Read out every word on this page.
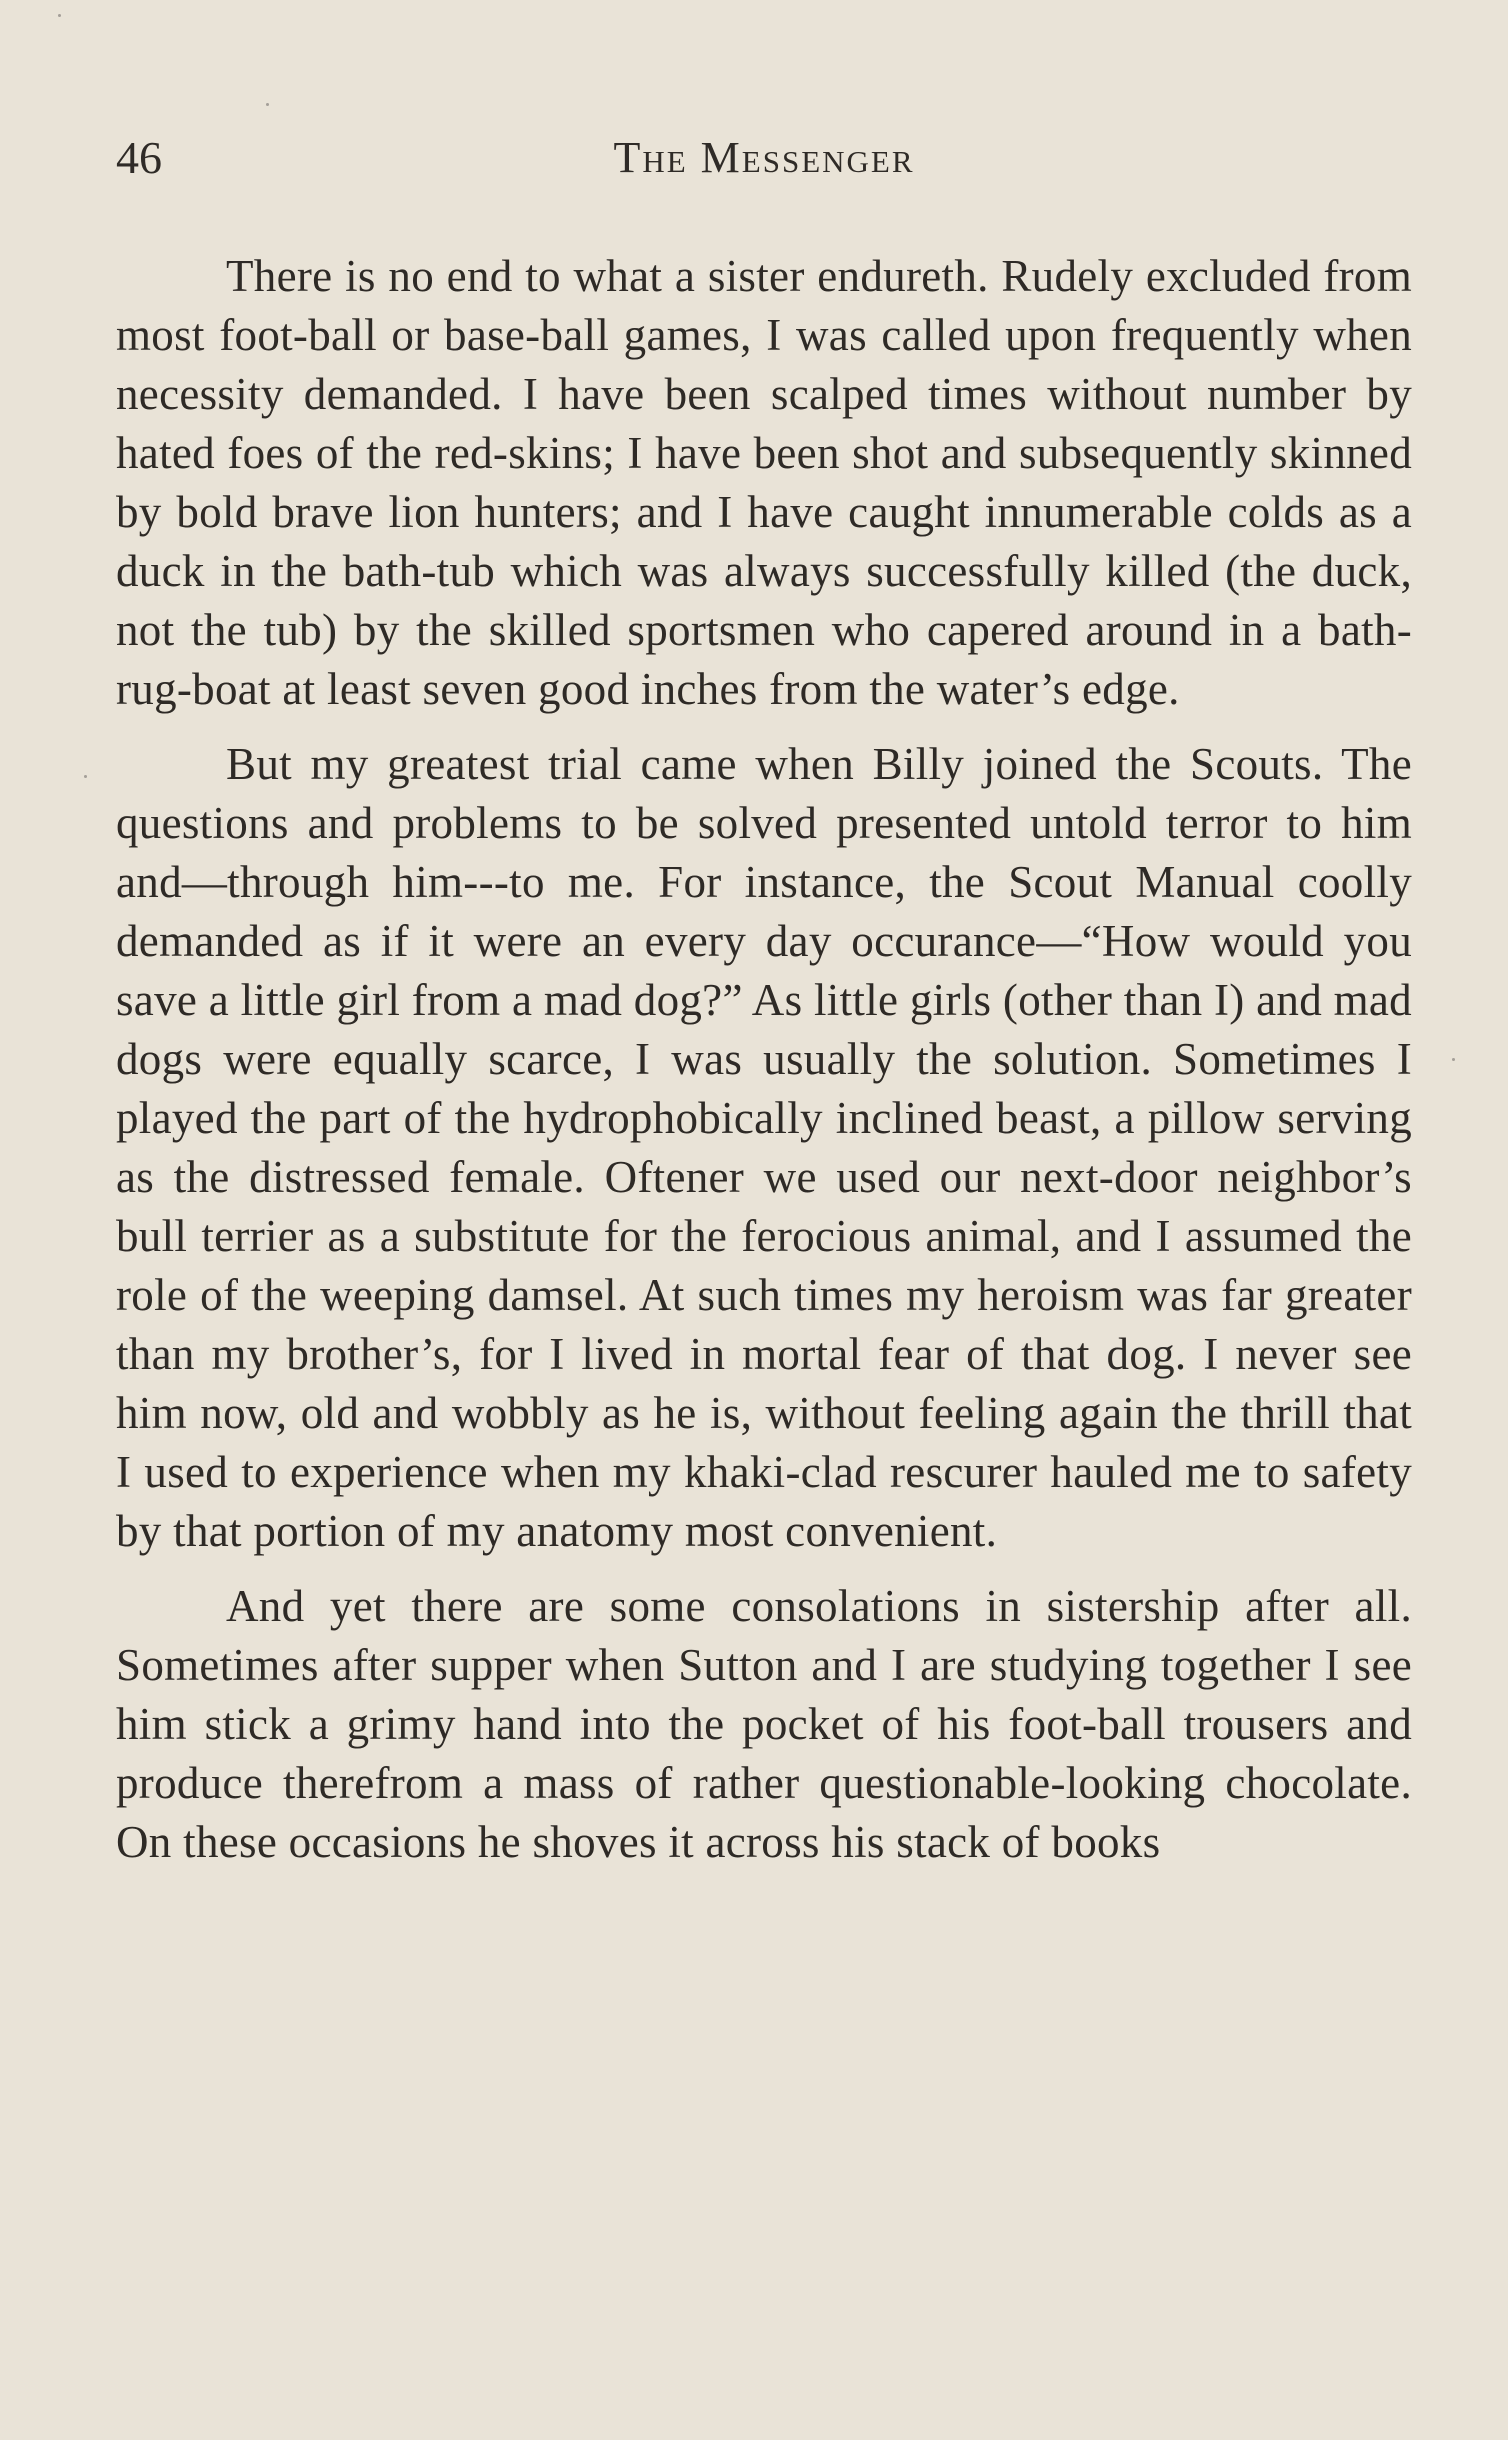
46	The Messenger

There is no end to what a sister endureth. Rudely excluded from most foot-ball or base-ball games, I was called upon frequently when necessity demanded. I have been scalped times without number by hated foes of the red-skins; I have been shot and subsequently skinned by bold brave lion hunters; and I have caught innumerable colds as a duck in the bath-tub which was always successfully killed (the duck, not the tub) by the skilled sportsmen who capered around in a bath-rug-boat at least seven good inches from the water’s edge.

But my greatest trial came when Billy joined the Scouts. The questions and problems to be solved presented untold terror to him and—through him---to me. For instance, the Scout Manual coolly demanded as if it were an every day occurance—“How would you save a little girl from a mad dog?” As little girls (other than I) and mad dogs were equally scarce, I was usually the solution. Sometimes I played the part of the hydrophobically inclined beast, a pillow serving as the distressed female. Oftener we used our next-door neighbor’s bull terrier as a substitute for the ferocious animal, and I assumed the role of the weeping damsel. At such times my heroism was far greater than my brother’s, for I lived in mortal fear of that dog. I never see him now, old and wobbly as he is, without feeling again the thrill that I used to experience when my khaki-clad rescurer hauled me to safety by that portion of my anatomy most convenient.

And yet there are some consolations in sistership after all. Sometimes after supper when Sutton and I are studying together I see him stick a grimy hand into the pocket of his foot-ball trousers and produce therefrom a mass of rather questionable-looking chocolate. On these occasions he shoves it across his stack of books
